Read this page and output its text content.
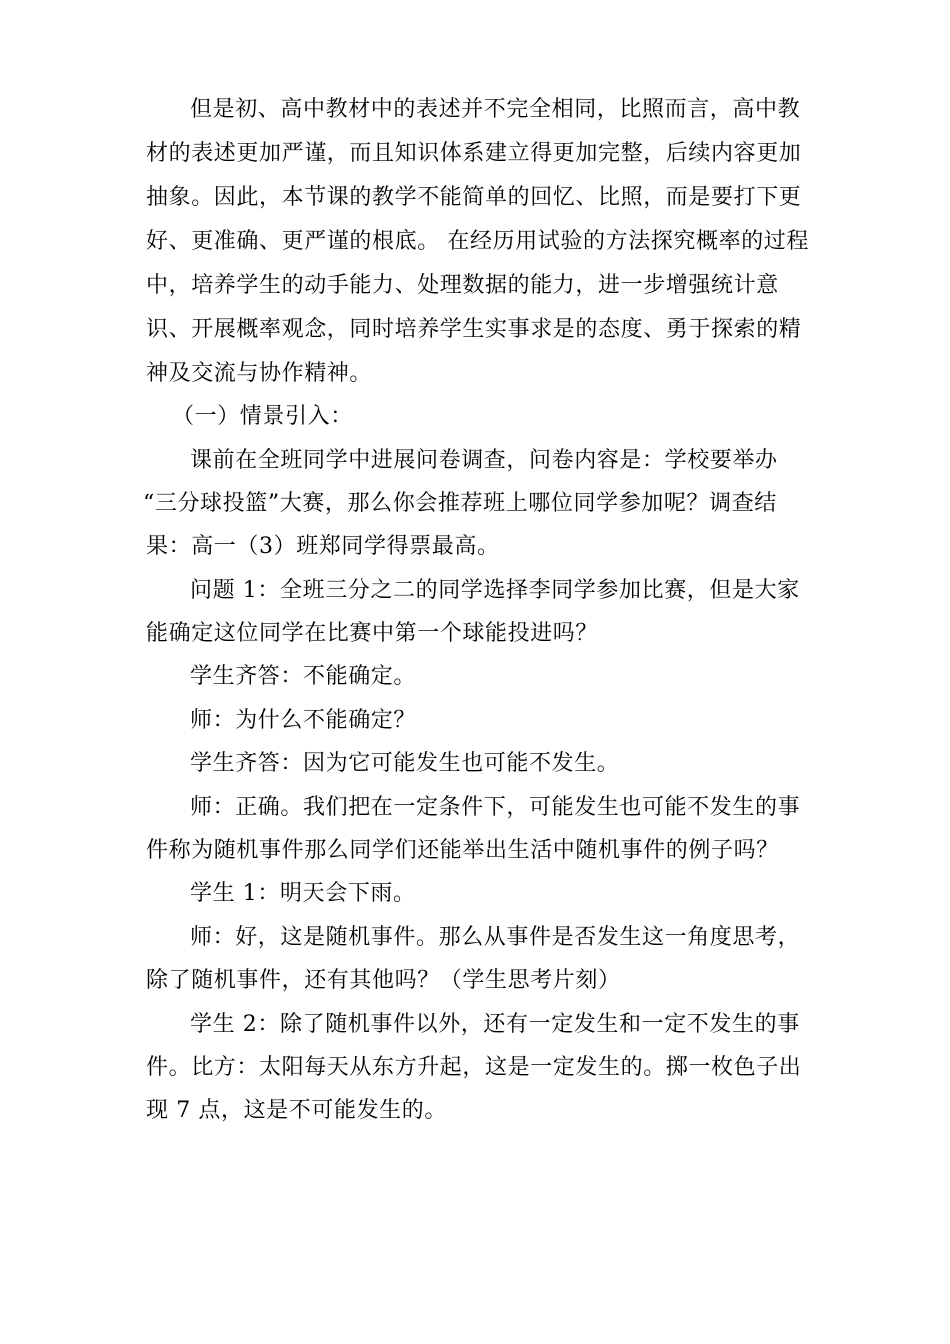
但是初、高中教材中的表述并不完全相同，比照而言，高中教
材的表述更加严谨，而且知识体系建立得更加完整，后续内容更加
抽象。因此，本节课的教学不能简单的回忆、比照，而是要打下更
好、更准确、更严谨的根底。 在经历用试验的方法探究概率的过程
中，培养学生的动手能力、处理数据的能力，进一步增强统计意
识、开展概率观念，同时培养学生实事求是的态度、勇于探索的精
神及交流与协作精神。
（一）情景引入：
课前在全班同学中进展问卷调查，问卷内容是：学校要举办
“三分球投篮”大赛，那么你会推荐班上哪位同学参加呢？调查结
果：高一（3）班郑同学得票最高。
问题 1：全班三分之二的同学选择李同学参加比赛，但是大家
能确定这位同学在比赛中第一个球能投进吗？
学生齐答：不能确定。
师：为什么不能确定？
学生齐答：因为它可能发生也可能不发生。
师：正确。我们把在一定条件下，可能发生也可能不发生的事
件称为随机事件那么同学们还能举出生活中随机事件的例子吗？
学生 1：明天会下雨。
师：好，这是随机事件。那么从事件是否发生这一角度思考，
除了随机事件，还有其他吗？（学生思考片刻）
学生 2：除了随机事件以外，还有一定发生和一定不发生的事
件。比方：太阳每天从东方升起，这是一定发生的。掷一枚色子出
现 7 点，这是不可能发生的。
